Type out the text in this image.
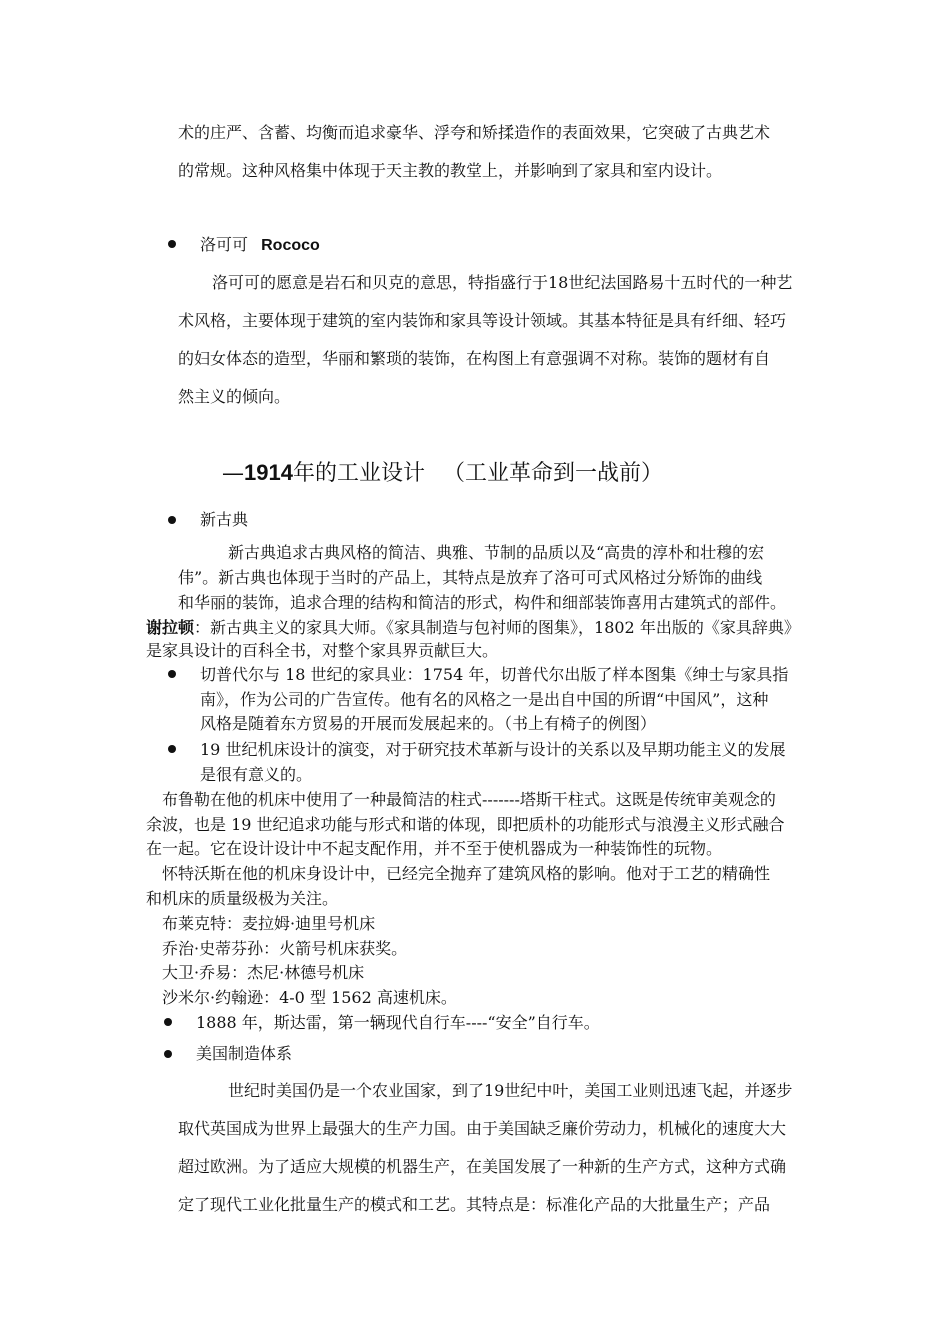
术的庄严、含蓄、均衡而追求豪华、浮夸和矫揉造作的表面效果，它突破了古典艺术
的常规。这种风格集中体现于天主教的教堂上，并影响到了家具和室内设计。
洛可可 Rococo
洛可可的愿意是岩石和贝克的意思，特指盛行于18世纪法国路易十五时代的一种艺
术风格，主要体现于建筑的室内装饰和家具等设计领域。其基本特征是具有纤细、轻巧
的妇女体态的造型，华丽和繁琐的装饰，在构图上有意强调不对称。装饰的题材有自
然主义的倾向。
—1914年的工业设计 （工业革命到一战前）
新古典
新古典追求古典风格的简洁、典雅、节制的品质以及“高贵的淳朴和壮穆的宏
伟”。新古典也体现于当时的产品上，其特点是放弃了洛可可式风格过分矫饰的曲线
和华丽的装饰，追求合理的结构和简洁的形式，构件和细部装饰喜用古建筑式的部件。
谢拉顿：新古典主义的家具大师。《家具制造与包衬师的图集》，1802 年出版的《家具辞典》
是家具设计的百科全书，对整个家具界贡献巨大。
切普代尔与 18 世纪的家具业：1754 年，切普代尔出版了样本图集《绅士与家具指
南》，作为公司的广告宣传。他有名的风格之一是出自中国的所谓“中国风”，这种
风格是随着东方贸易的开展而发展起来的。（书上有椅子的例图）
19 世纪机床设计的演变，对于研究技术革新与设计的关系以及早期功能主义的发展
是很有意义的。
布鲁勒在他的机床中使用了一种最简洁的柱式-------塔斯干柱式。这既是传统审美观念的
余波，也是 19 世纪追求功能与形式和谐的体现，即把质朴的功能形式与浪漫主义形式融合
在一起。它在设计设计中不起支配作用，并不至于使机器成为一种装饰性的玩物。
怀特沃斯在他的机床身设计中，已经完全抛弃了建筑风格的影响。他对于工艺的精确性
和机床的质量级极为关注。
布莱克特：麦拉姆·迪里号机床
乔治·史蒂芬孙：火箭号机床获奖。
大卫·乔易：杰尼·林德号机床
沙米尔·约翰逊：4-0 型 1562 高速机床。
1888 年，斯达雷，第一辆现代自行车----“安全”自行车。
美国制造体系
世纪时美国仍是一个农业国家，到了19世纪中叶，美国工业则迅速飞起，并逐步
取代英国成为世界上最强大的生产力国。由于美国缺乏廉价劳动力，机械化的速度大大
超过欧洲。为了适应大规模的机器生产，在美国发展了一种新的生产方式，这种方式确
定了现代工业化批量生产的模式和工艺。其特点是：标准化产品的大批量生产；产品
